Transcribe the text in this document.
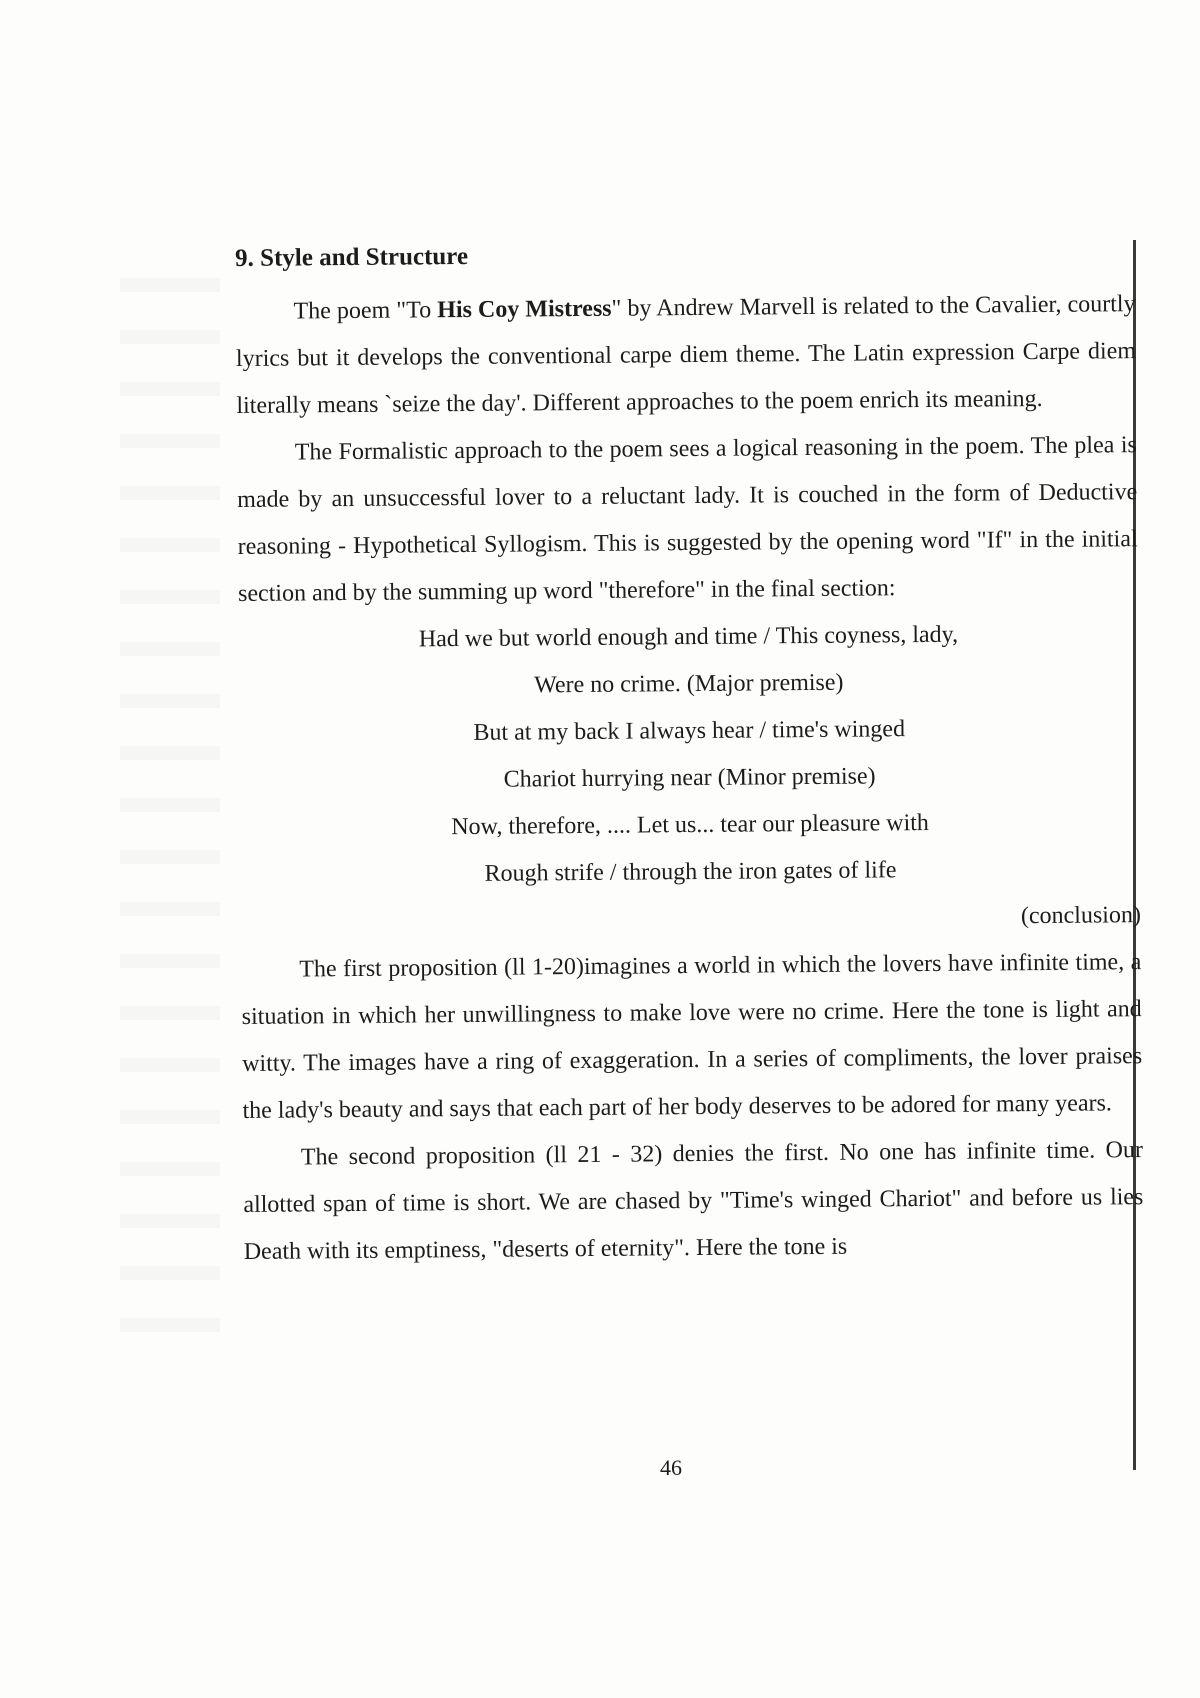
9. Style and Structure

The poem "To His Coy Mistress" by Andrew Marvell is related to the Cavalier, courtly lyrics but it develops the conventional carpe diem theme. The Latin expression Carpe diem literally means `seize the day'. Different approaches to the poem enrich its meaning.

The Formalistic approach to the poem sees a logical reasoning in the poem. The plea is made by an unsuccessful lover to a reluctant lady. It is couched in the form of Deductive reasoning - Hypothetical Syllogism. This is suggested by the opening word "If" in the initial section and by the summing up word "therefore" in the final section:

Had we but world enough and time / This coyness, lady,

Were no crime. (Major premise)

But at my back I always hear / time's winged

Chariot hurrying near (Minor premise)

Now, therefore, .... Let us... tear our pleasure with

Rough strife / through the iron gates of life

(conclusion)

The first proposition (ll 1-20)imagines a world in which the lovers have infinite time, a situation in which her unwillingness to make love were no crime. Here the tone is light and witty. The images have a ring of exaggeration. In a series of compliments, the lover praises the lady's beauty and says that each part of her body deserves to be adored for many years.

The second proposition (ll 21 - 32) denies the first. No one has infinite time. Our allotted span of time is short. We are chased by "Time's winged Chariot" and before us lies Death with its emptiness, "deserts of eternity". Here the tone is

46
